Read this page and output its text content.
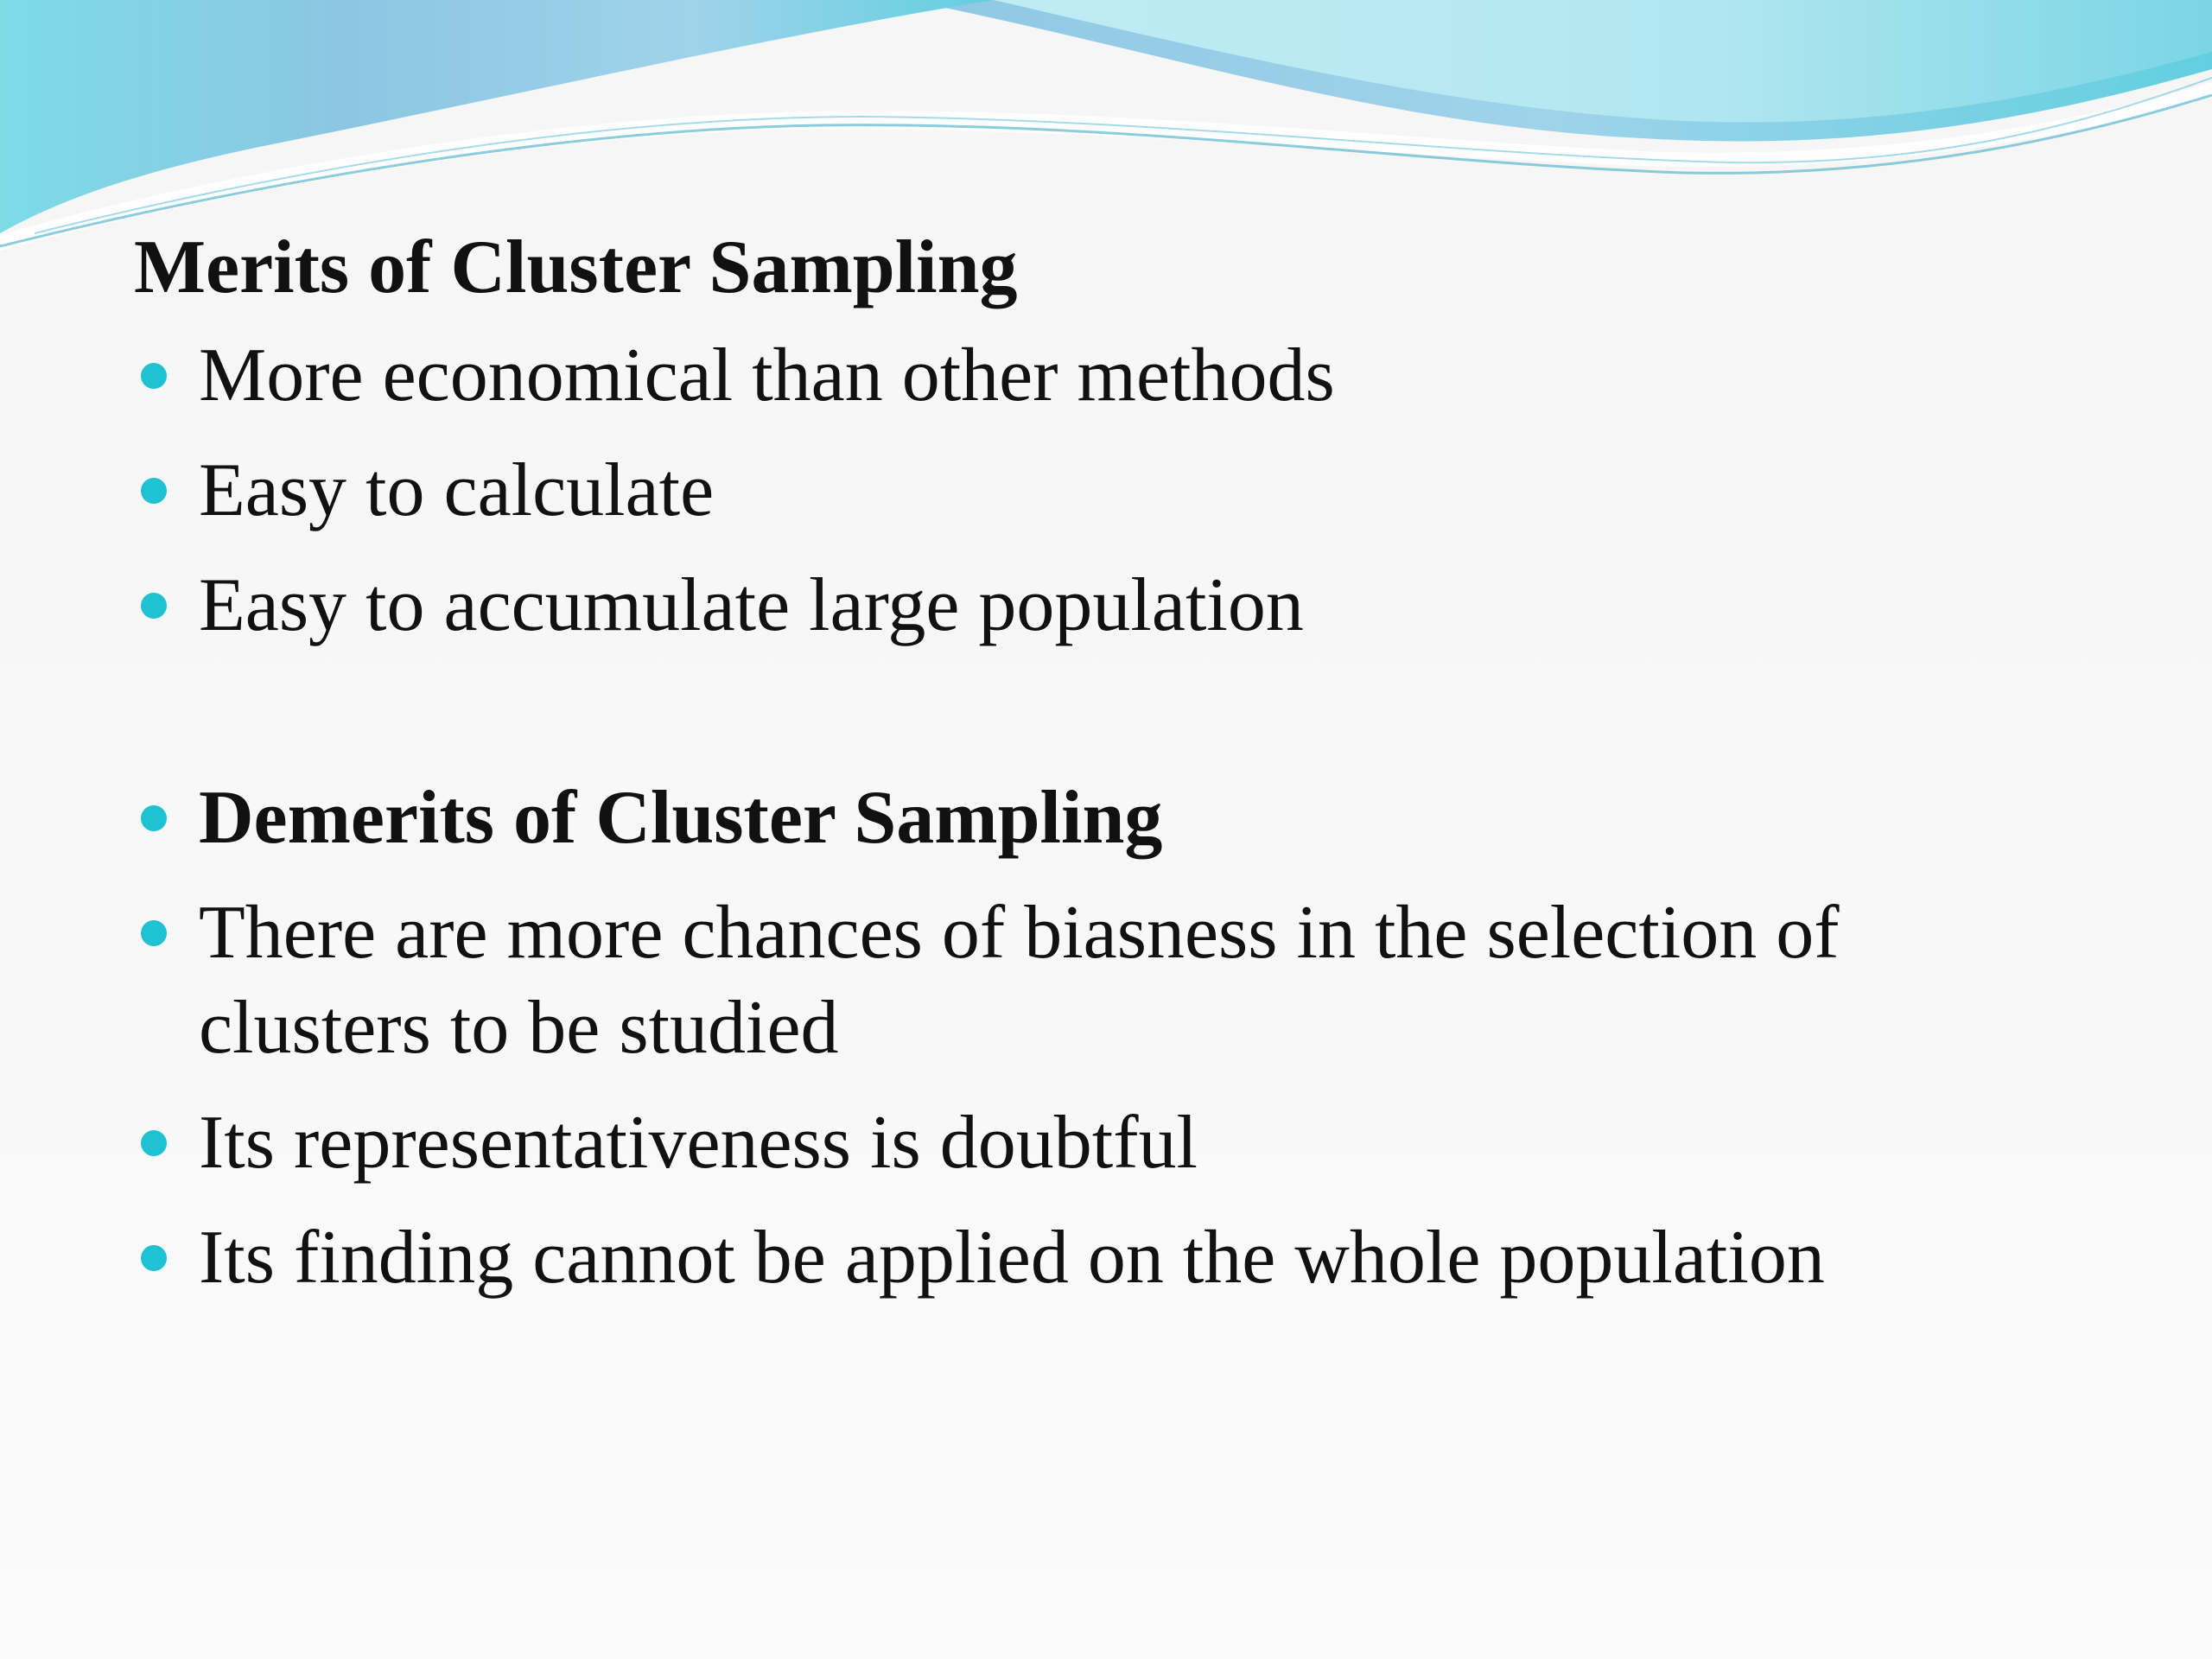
Merits of Cluster Sampling
More economical than other methods
Easy to calculate
Easy to accumulate large population
Demerits of Cluster Sampling
There are more chances of biasness in the selection of clusters to be studied
Its representativeness is doubtful
Its finding cannot be applied on the whole population
